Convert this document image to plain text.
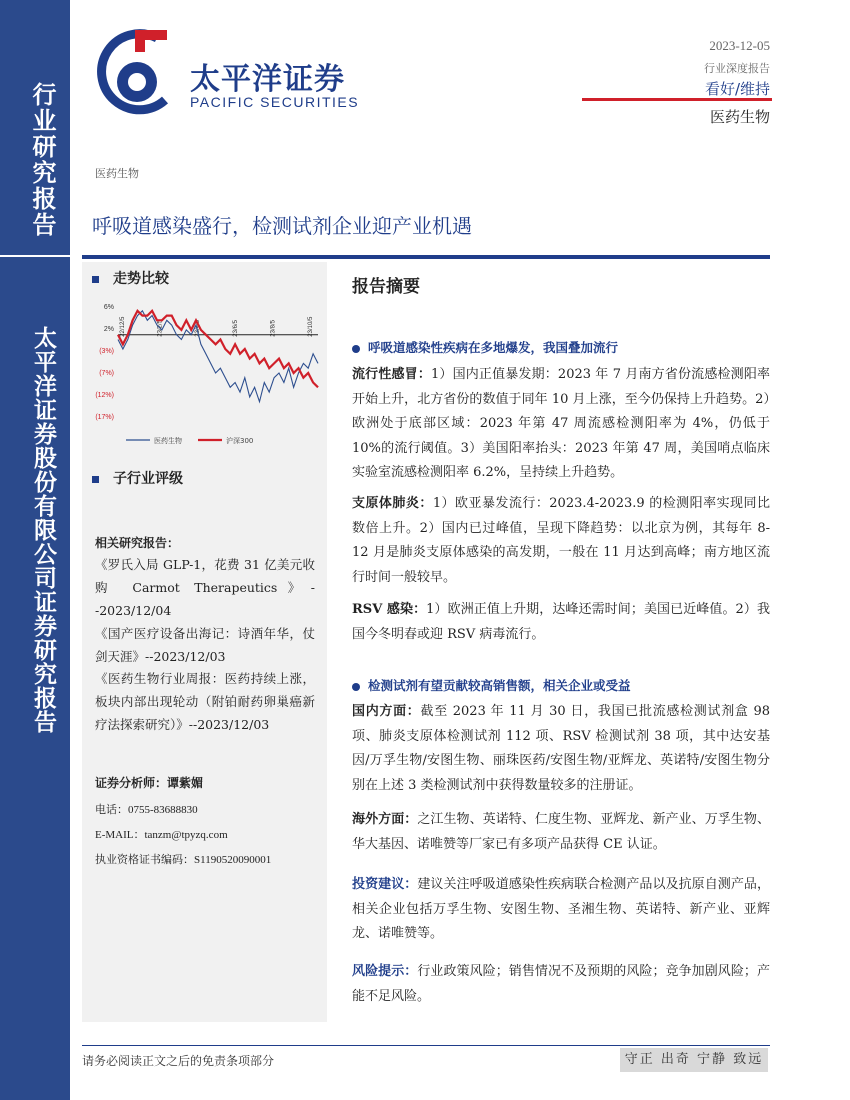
行业研究报告
太平洋证券股份有限公司证券研究报告
太平洋证券
PACIFIC SECURITIES
2023-12-05
行业深度报告
看好/维持
医药生物
医药生物
呼吸道感染盛行，检测试剂企业迎产业机遇
走势比较
6%
2%
(3%)
(7%)
(12%)
(17%)
22/12/5	23/2/5	23/4/5	23/6/5	23/8/5	23/10/5
医药生物	沪深300
子行业评级
相关研究报告：
《罗氏入局 GLP-1，花费 31 亿美元收购 Carmot Therapeutics》--2023/12/04
《国产医疗设备出海记：诗酒年华，仗剑天涯》--2023/12/03
《医药生物行业周报：医药持续上涨，板块内部出现轮动（附铂耐药卵巢癌新疗法探索研究）》--2023/12/03
证券分析师：谭紫媚
电话：0755-83688830
E-MAIL：tanzm@tpyzq.com
执业资格证书编码：S1190520090001
报告摘要
呼吸道感染性疾病在多地爆发，我国叠加流行
流行性感冒：1）国内正值暴发期：2023 年 7 月南方省份流感检测阳率开始上升，北方省份的数值于同年 10 月上涨，至今仍保持上升趋势。2）欧洲处于底部区域：2023 年第 47 周流感检测阳率为 4%，仍低于 10%的流行阈值。3）美国阳率抬头：2023 年第 47 周，美国哨点临床实验室流感检测阳率 6.2%，呈持续上升趋势。
支原体肺炎：1）欧亚暴发流行：2023.4-2023.9 的检测阳率实现同比数倍上升。2）国内已过峰值，呈现下降趋势：以北京为例，其每年 8-12 月是肺炎支原体感染的高发期，一般在 11 月达到高峰；南方地区流行时间一般较早。
RSV 感染：1）欧洲正值上升期，达峰还需时间；美国已近峰值。2）我国今冬明春或迎 RSV 病毒流行。
检测试剂有望贡献较高销售额，相关企业或受益
国内方面：截至 2023 年 11 月 30 日，我国已批流感检测试剂盒 98 项、肺炎支原体检测试剂 112 项、RSV 检测试剂 38 项，其中达安基因/万孚生物/安图生物、丽珠医药/安图生物/亚辉龙、英诺特/安图生物分别在上述 3 类检测试剂中获得数量较多的注册证。
海外方面：之江生物、英诺特、仁度生物、亚辉龙、新产业、万孚生物、华大基因、诺唯赞等厂家已有多项产品获得 CE 认证。
投资建议：建议关注呼吸道感染性疾病联合检测产品以及抗原自测产品，相关企业包括万孚生物、安图生物、圣湘生物、英诺特、新产业、亚辉龙、诺唯赞等。
风险提示：行业政策风险；销售情况不及预期的风险；竞争加剧风险；产能不足风险。
请务必阅读正文之后的免责条项部分	守正 出奇 宁静 致远
